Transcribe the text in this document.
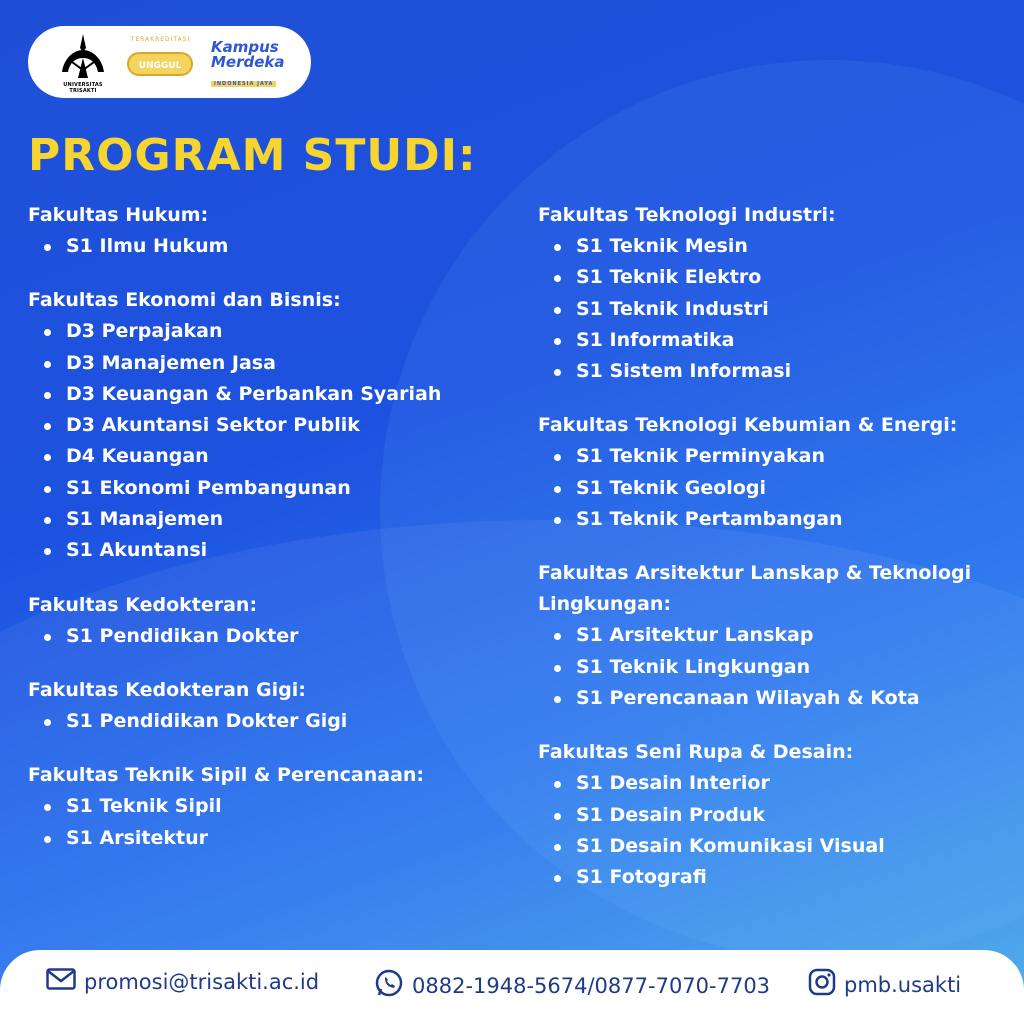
UNIVERSITAS TRISAKTI
TERAKREDITASI
UNGGUL
Kampus
Merdeka
INDONESIA JAYA
PROGRAM STUDI:
Fakultas Hukum:
S1 Ilmu Hukum
Fakultas Ekonomi dan Bisnis:
D3 Perpajakan
D3 Manajemen Jasa
D3 Keuangan & Perbankan Syariah
D3 Akuntansi Sektor Publik
D4 Keuangan
S1 Ekonomi Pembangunan
S1 Manajemen
S1 Akuntansi
Fakultas Kedokteran:
S1 Pendidikan Dokter
Fakultas Kedokteran Gigi:
S1 Pendidikan Dokter Gigi
Fakultas Teknik Sipil & Perencanaan:
S1 Teknik Sipil
S1 Arsitektur
Fakultas Teknologi Industri:
S1 Teknik Mesin
S1 Teknik Elektro
S1 Teknik Industri
S1 Informatika
S1 Sistem Informasi
Fakultas Teknologi Kebumian & Energi:
S1 Teknik Perminyakan
S1 Teknik Geologi
S1 Teknik Pertambangan
Fakultas Arsitektur Lanskap & Teknologi Lingkungan:
S1 Arsitektur Lanskap
S1 Teknik Lingkungan
S1 Perencanaan Wilayah & Kota
Fakultas Seni Rupa & Desain:
S1 Desain Interior
S1 Desain Produk
S1 Desain Komunikasi Visual
S1 Fotografi
promosi@trisakti.ac.id	0882-1948-5674/0877-7070-7703	pmb.usakti
